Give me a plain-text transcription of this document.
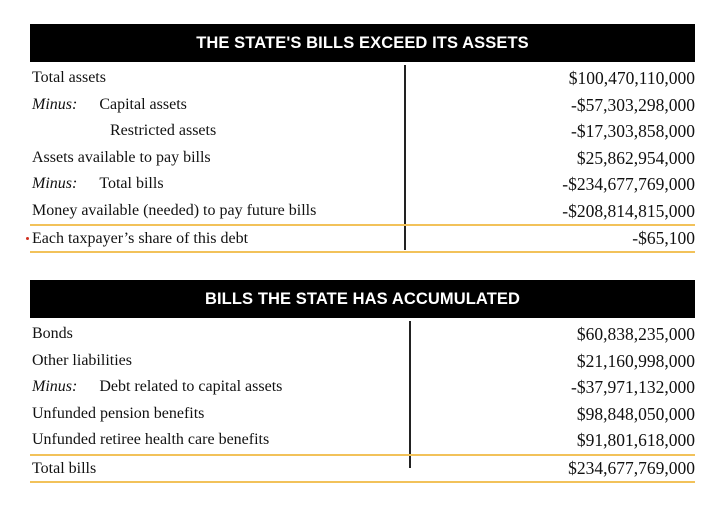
THE STATE'S BILLS EXCEED ITS ASSETS
Total assets	$100,470,110,000
Minus: Capital assets	-$57,303,298,000
Restricted assets	-$17,303,858,000
Assets available to pay bills	$25,862,954,000
Minus: Total bills	-$234,677,769,000
Money available (needed) to pay future bills	-$208,814,815,000
Each taxpayer’s share of this debt	-$65,100
BILLS THE STATE HAS ACCUMULATED
Bonds	$60,838,235,000
Other liabilities	$21,160,998,000
Minus: Debt related to capital assets	-$37,971,132,000
Unfunded pension benefits	$98,848,050,000
Unfunded retiree health care benefits	$91,801,618,000
Total bills	$234,677,769,000
